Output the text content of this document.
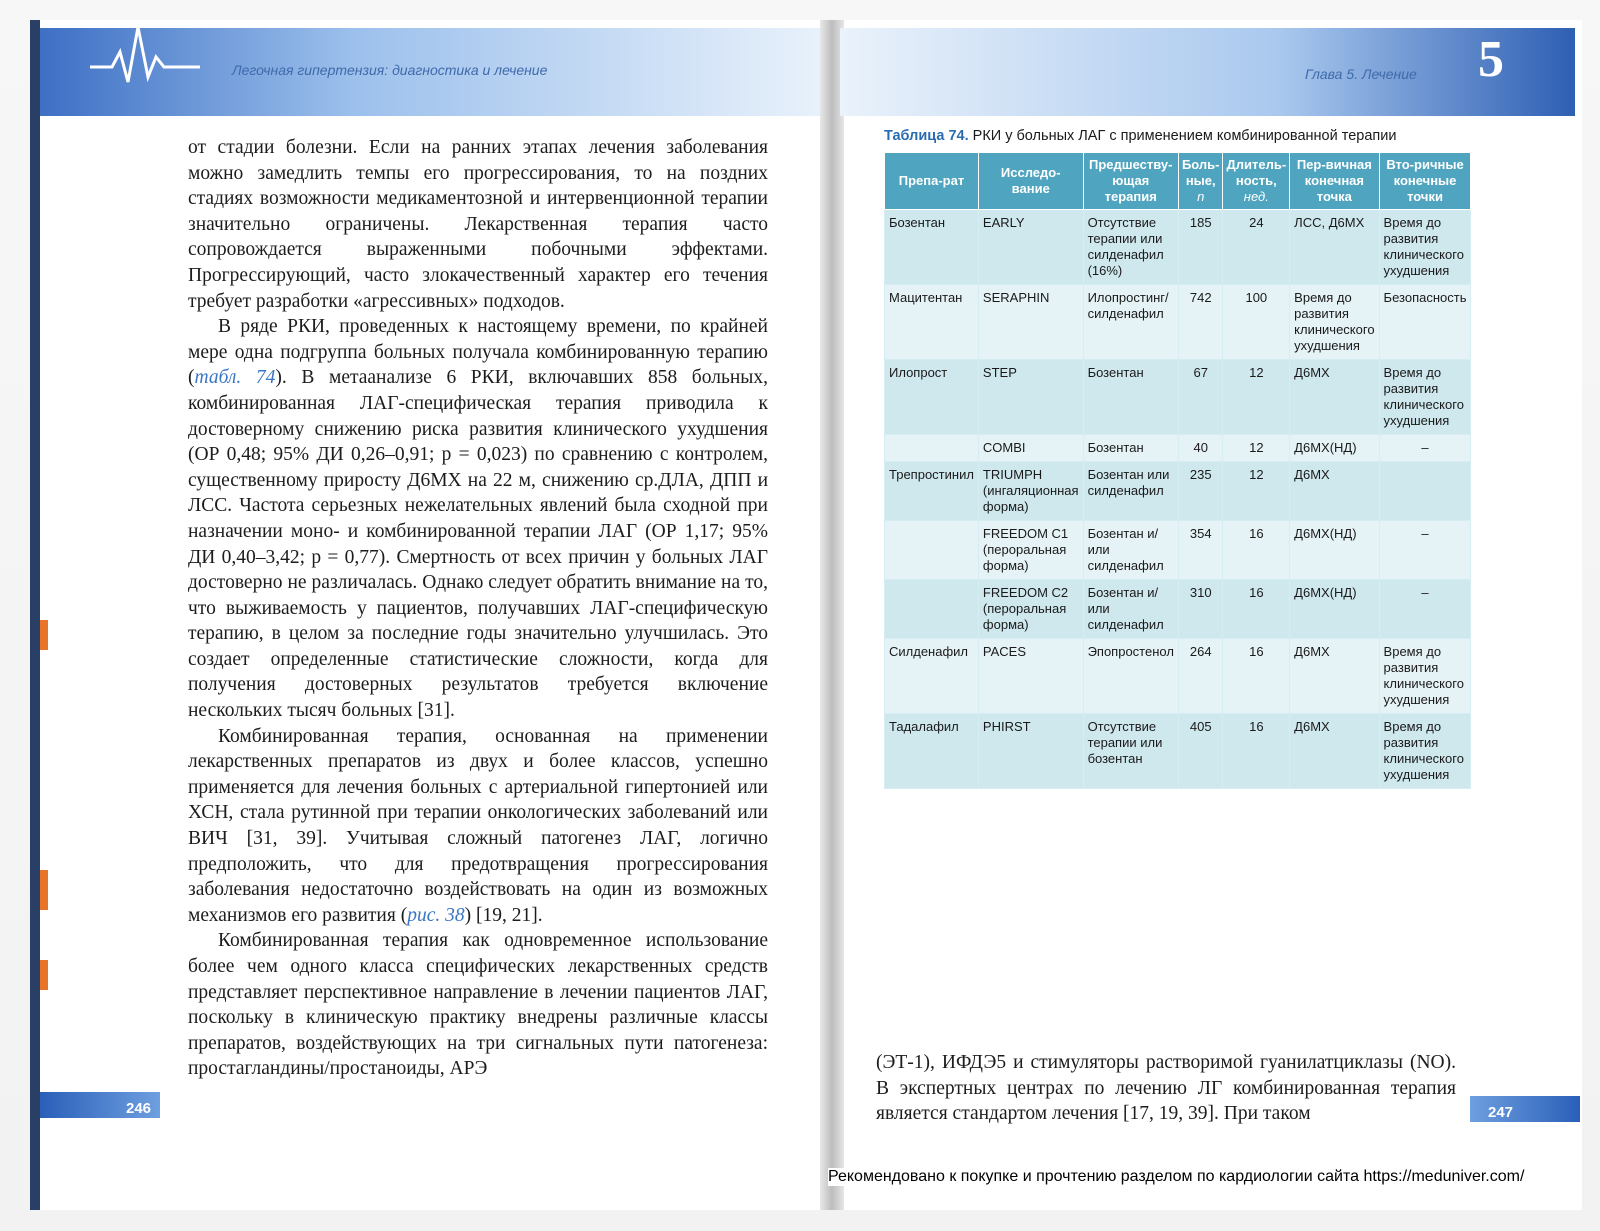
Легочная гипертензия: диагностика и лечение	Глава 5. Лечение 5
246	247

от стадии болезни. Если на ранних этапах лечения заболевания можно замедлить темпы его прогрессирования, то на поздних стадиях возможности медикаментозной и интервенционной терапии значительно ограничены. Лекарственная терапия часто сопровождается выраженными побочными эффектами. Прогрессирующий, часто злокачественный характер его течения требует разработки «агрессивных» подходов.

В ряде РКИ, проведенных к настоящему времени, по крайней мере одна подгруппа больных получала комбинированную терапию (табл. 74). В метаанализе 6 РКИ, включавших 858 больных, комбинированная ЛАГ-специфическая терапия приводила к достоверному снижению риска развития клинического ухудшения (ОР 0,48; 95% ДИ 0,26–0,91; p = 0,023) по сравнению с контролем, существенному приросту Д6МХ на 22 м, снижению ср.ДЛА, ДПП и ЛСС. Частота серьезных нежелательных явлений была сходной при назначении моно- и комбинированной терапии ЛАГ (ОР 1,17; 95% ДИ 0,40–3,42; p = 0,77). Смертность от всех причин у больных ЛАГ достоверно не различалась. Однако следует обратить внимание на то, что выживаемость у пациентов, получавших ЛАГ-специфическую терапию, в целом за последние годы значительно улучшилась. Это создает определенные статистические сложности, когда для получения достоверных результатов требуется включение нескольких тысяч больных [31].

Комбинированная терапия, основанная на применении лекарственных препаратов из двух и более классов, успешно применяется для лечения больных с артериальной гипертонией или ХСН, стала рутинной при терапии онкологических заболеваний или ВИЧ [31, 39]. Учитывая сложный патогенез ЛАГ, логично предположить, что для предотвращения прогрессирования заболевания недостаточно воздействовать на один из возможных механизмов его развития (рис. 38) [19, 21].

Комбинированная терапия как одновременное использование более чем одного класса специфических лекарственных средств представляет перспективное направление в лечении пациентов ЛАГ, поскольку в клиническую практику внедрены различные классы препаратов, воздействующих на три сигнальных пути патогенеза: простагландины/простаноиды, АРЭ

Таблица 74. РКИ у больных ЛАГ с применением комбинированной терапии
Препа-рат	Исследо-вание	Предшеству-ющая терапия	Боль-ные, n	Длитель-ность, нед.	Пер-вичная конечная точка	Вто-ричные конечные точки
Бозентан	EARLY	Отсутствие терапии или силденафил (16%)	185	24	ЛСС, Д6МХ	Время до развития клинического ухудшения
Мацитентан	SERAPHIN	Илопростинг/силденафил	742	100	Время до развития клинического ухудшения	Безопасность
Илопрост	STEP	Бозентан	67	12	Д6МХ	Время до развития клинического ухудшения
	COMBI	Бозентан	40	12	Д6МХ(НД)	–
Трепростинил	TRIUMPH (ингаляционная форма)	Бозентан или силденафил	235	12	Д6МХ	
	FREEDOM C1 (пероральная форма)	Бозентан и/или силденафил	354	16	Д6МХ(НД)	–
	FREEDOM C2 (пероральная форма)	Бозентан и/или силденафил	310	16	Д6МХ(НД)	–
Силденафил	PACES	Эпопростенол	264	16	Д6МХ	Время до развития клинического ухудшения
Тадалафил	PHIRST	Отсутствие терапии или бозентан	405	16	Д6МХ	Время до развития клинического ухудшения

(ЭТ-1), ИФДЭ5 и стимуляторы растворимой гуанилатциклазы (NO). В экспертных центрах по лечению ЛГ комбинированная терапия является стандартом лечения [17, 19, 39]. При таком

Рекомендовано к покупке и прочтению разделом по кардиологии сайта https://meduniver.com/
